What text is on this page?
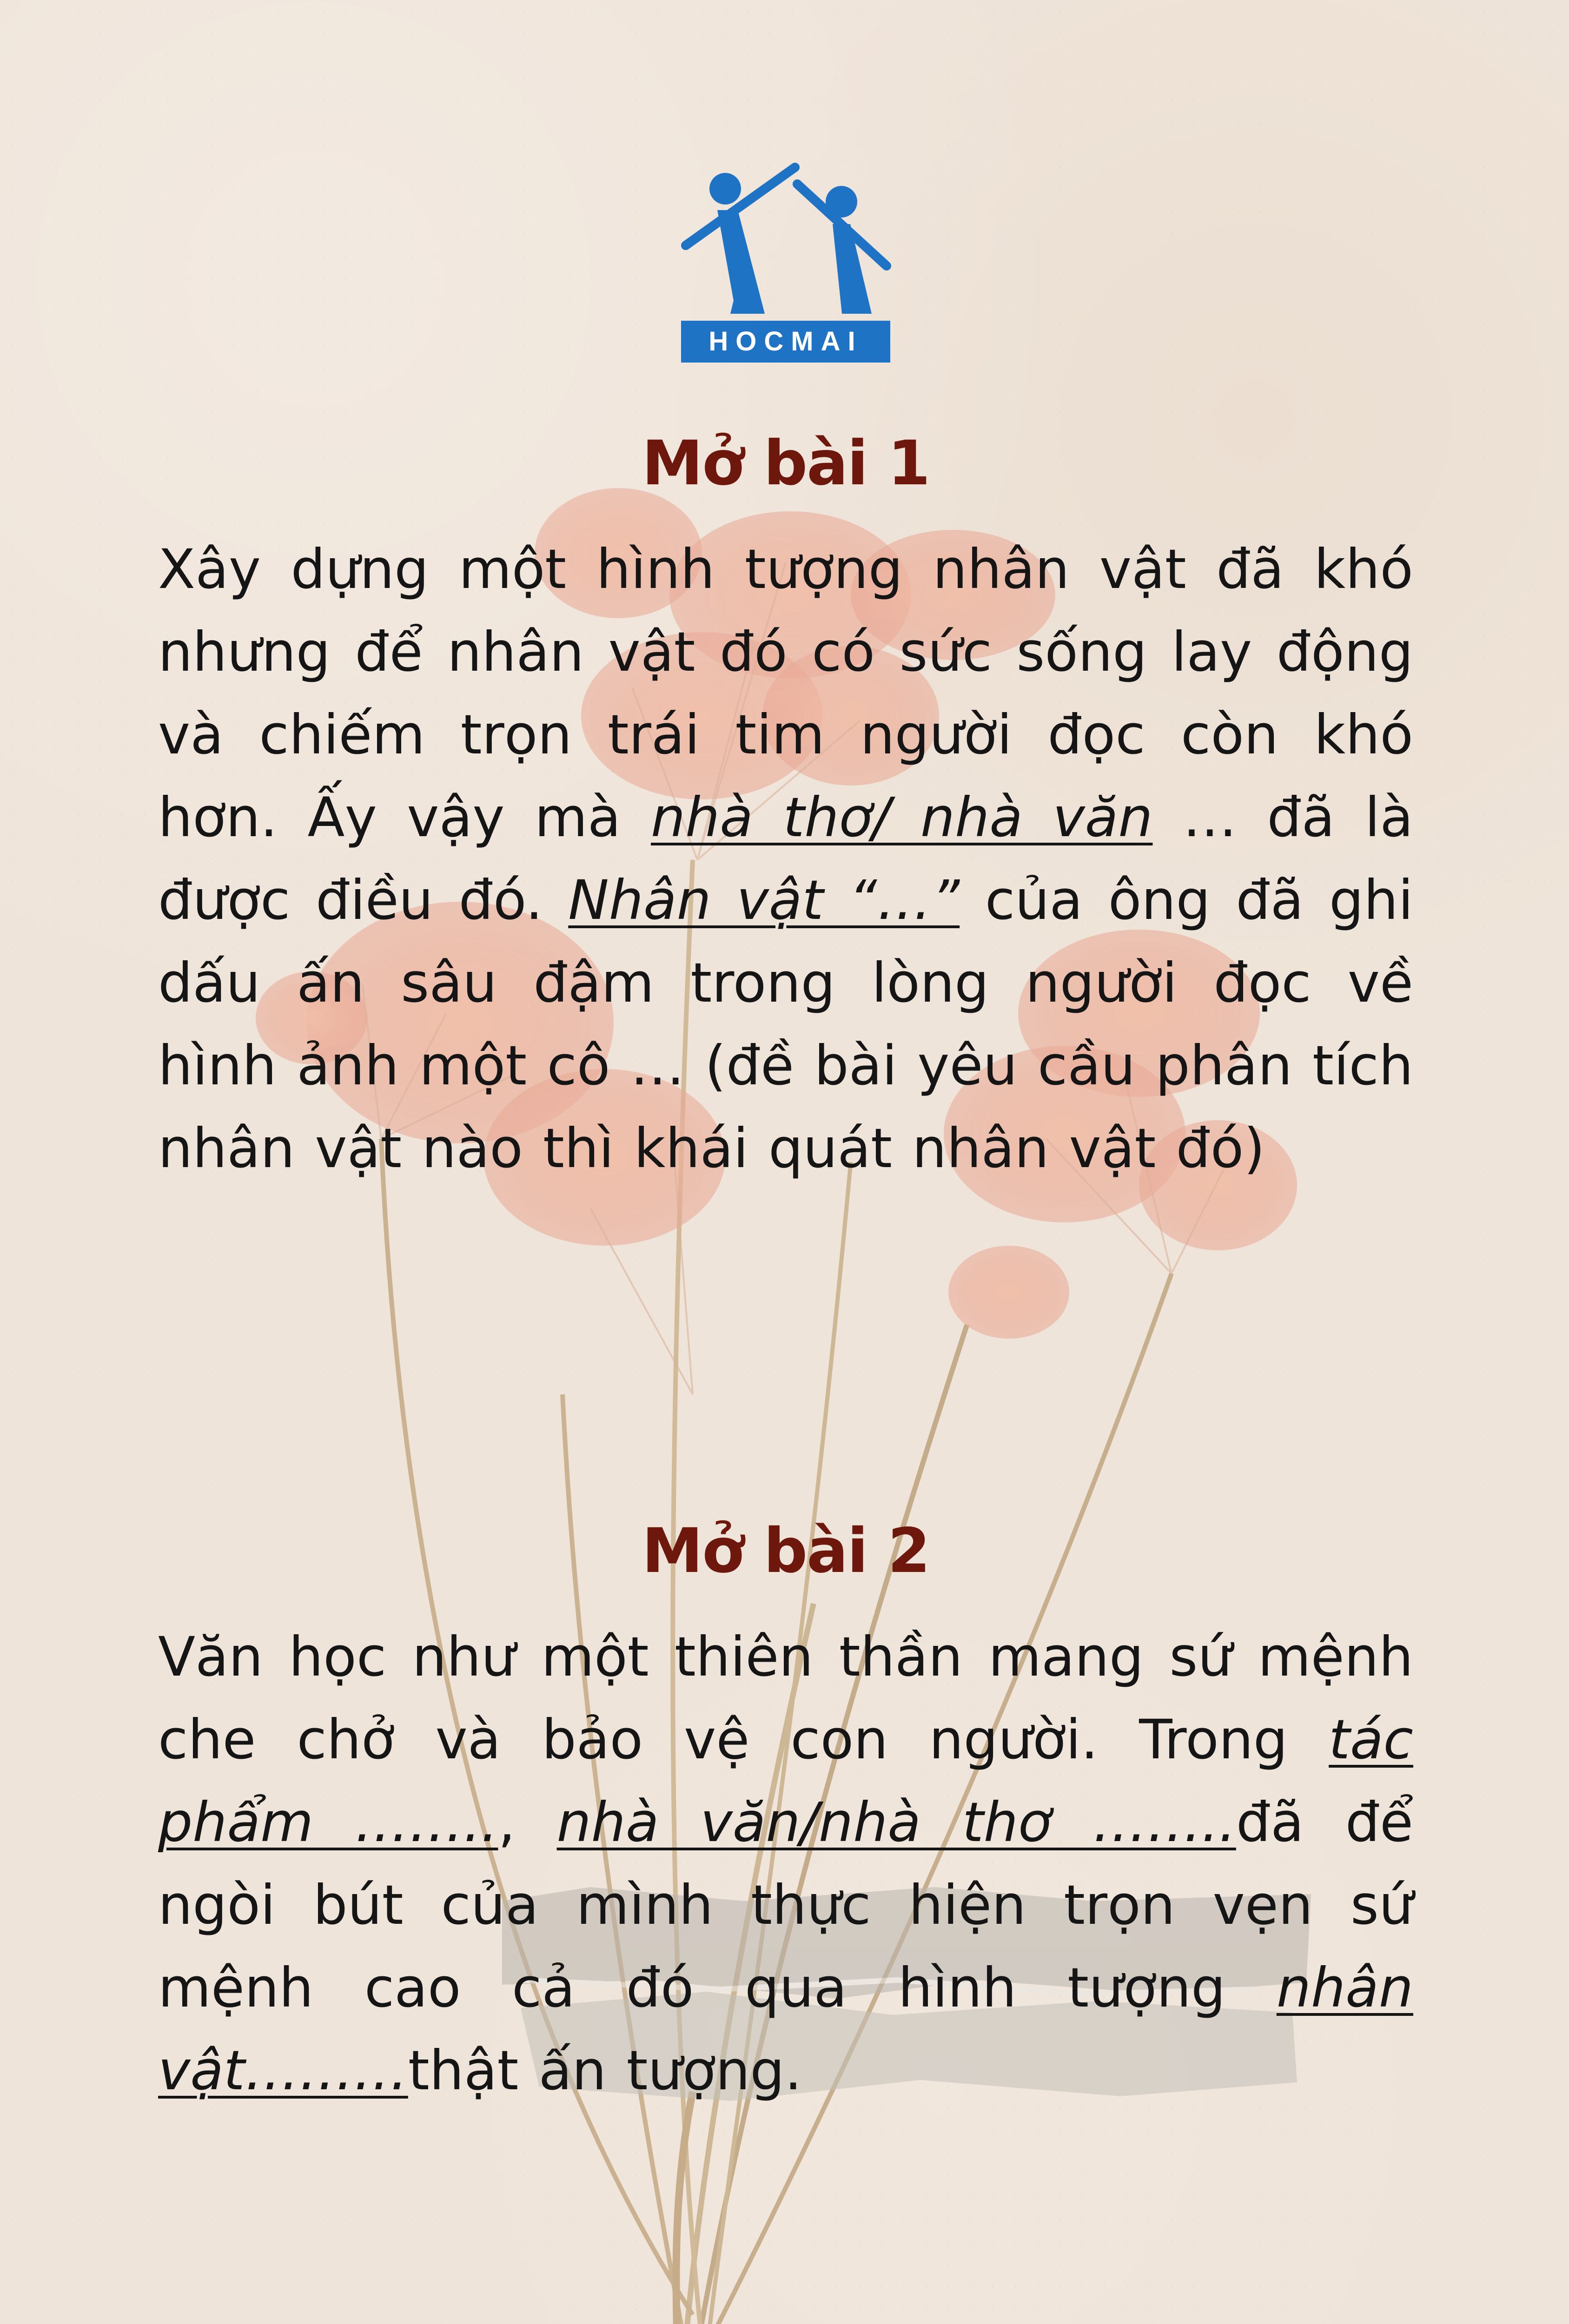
HOCMAI
Mở bài 1

Xây dựng một hình tượng nhân vật đã khó nhưng để nhân vật đó có sức sống lay động và chiếm trọn trái tim người đọc còn khó hơn. Ấy vậy mà nhà thơ/ nhà văn … đã là được điều đó. Nhân vật “…” của ông đã ghi dấu ấn sâu đậm trong lòng người đọc về hình ảnh một cô … (đề bài yêu cầu phân tích nhân vật nào thì khái quát nhân vật đó)

Mở bài 2

Văn học như một thiên thần mang sứ mệnh che chở và bảo vệ con người. Trong tác phẩm …….., nhà văn/nhà thơ ……..đã để ngòi bút của mình thực hiện trọn vẹn sứ mệnh cao cả đó qua hình tượng nhân vật………thật ấn tượng.
